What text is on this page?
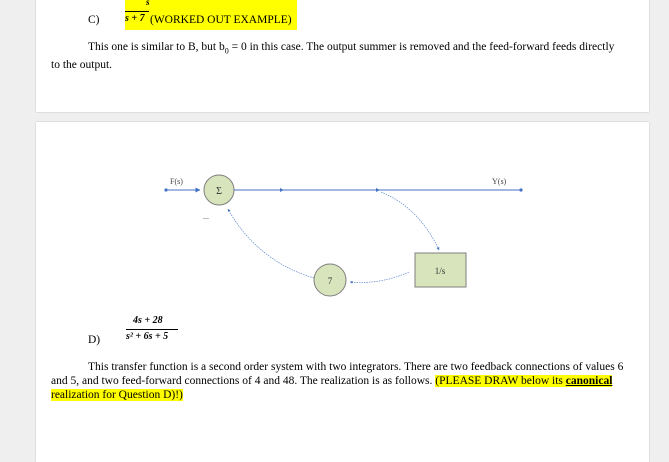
C)
s
s + 7 (WORKED OUT EXAMPLE)
This one is similar to B, but $b_0 = 0$ in this case. The output summer is removed and the feed-forward feeds directly to the output.
F(s)
Σ
—
Y(s)
1/s
7
4s + 28
s² + 6s + 5
D)
This transfer function is a second order system with two integrators. There are two feedback connections of values 6 and 5, and two feed-forward connections of 4 and 48. The realization is as follows. (PLEASE DRAW below its canonical realization for Question D)!)
